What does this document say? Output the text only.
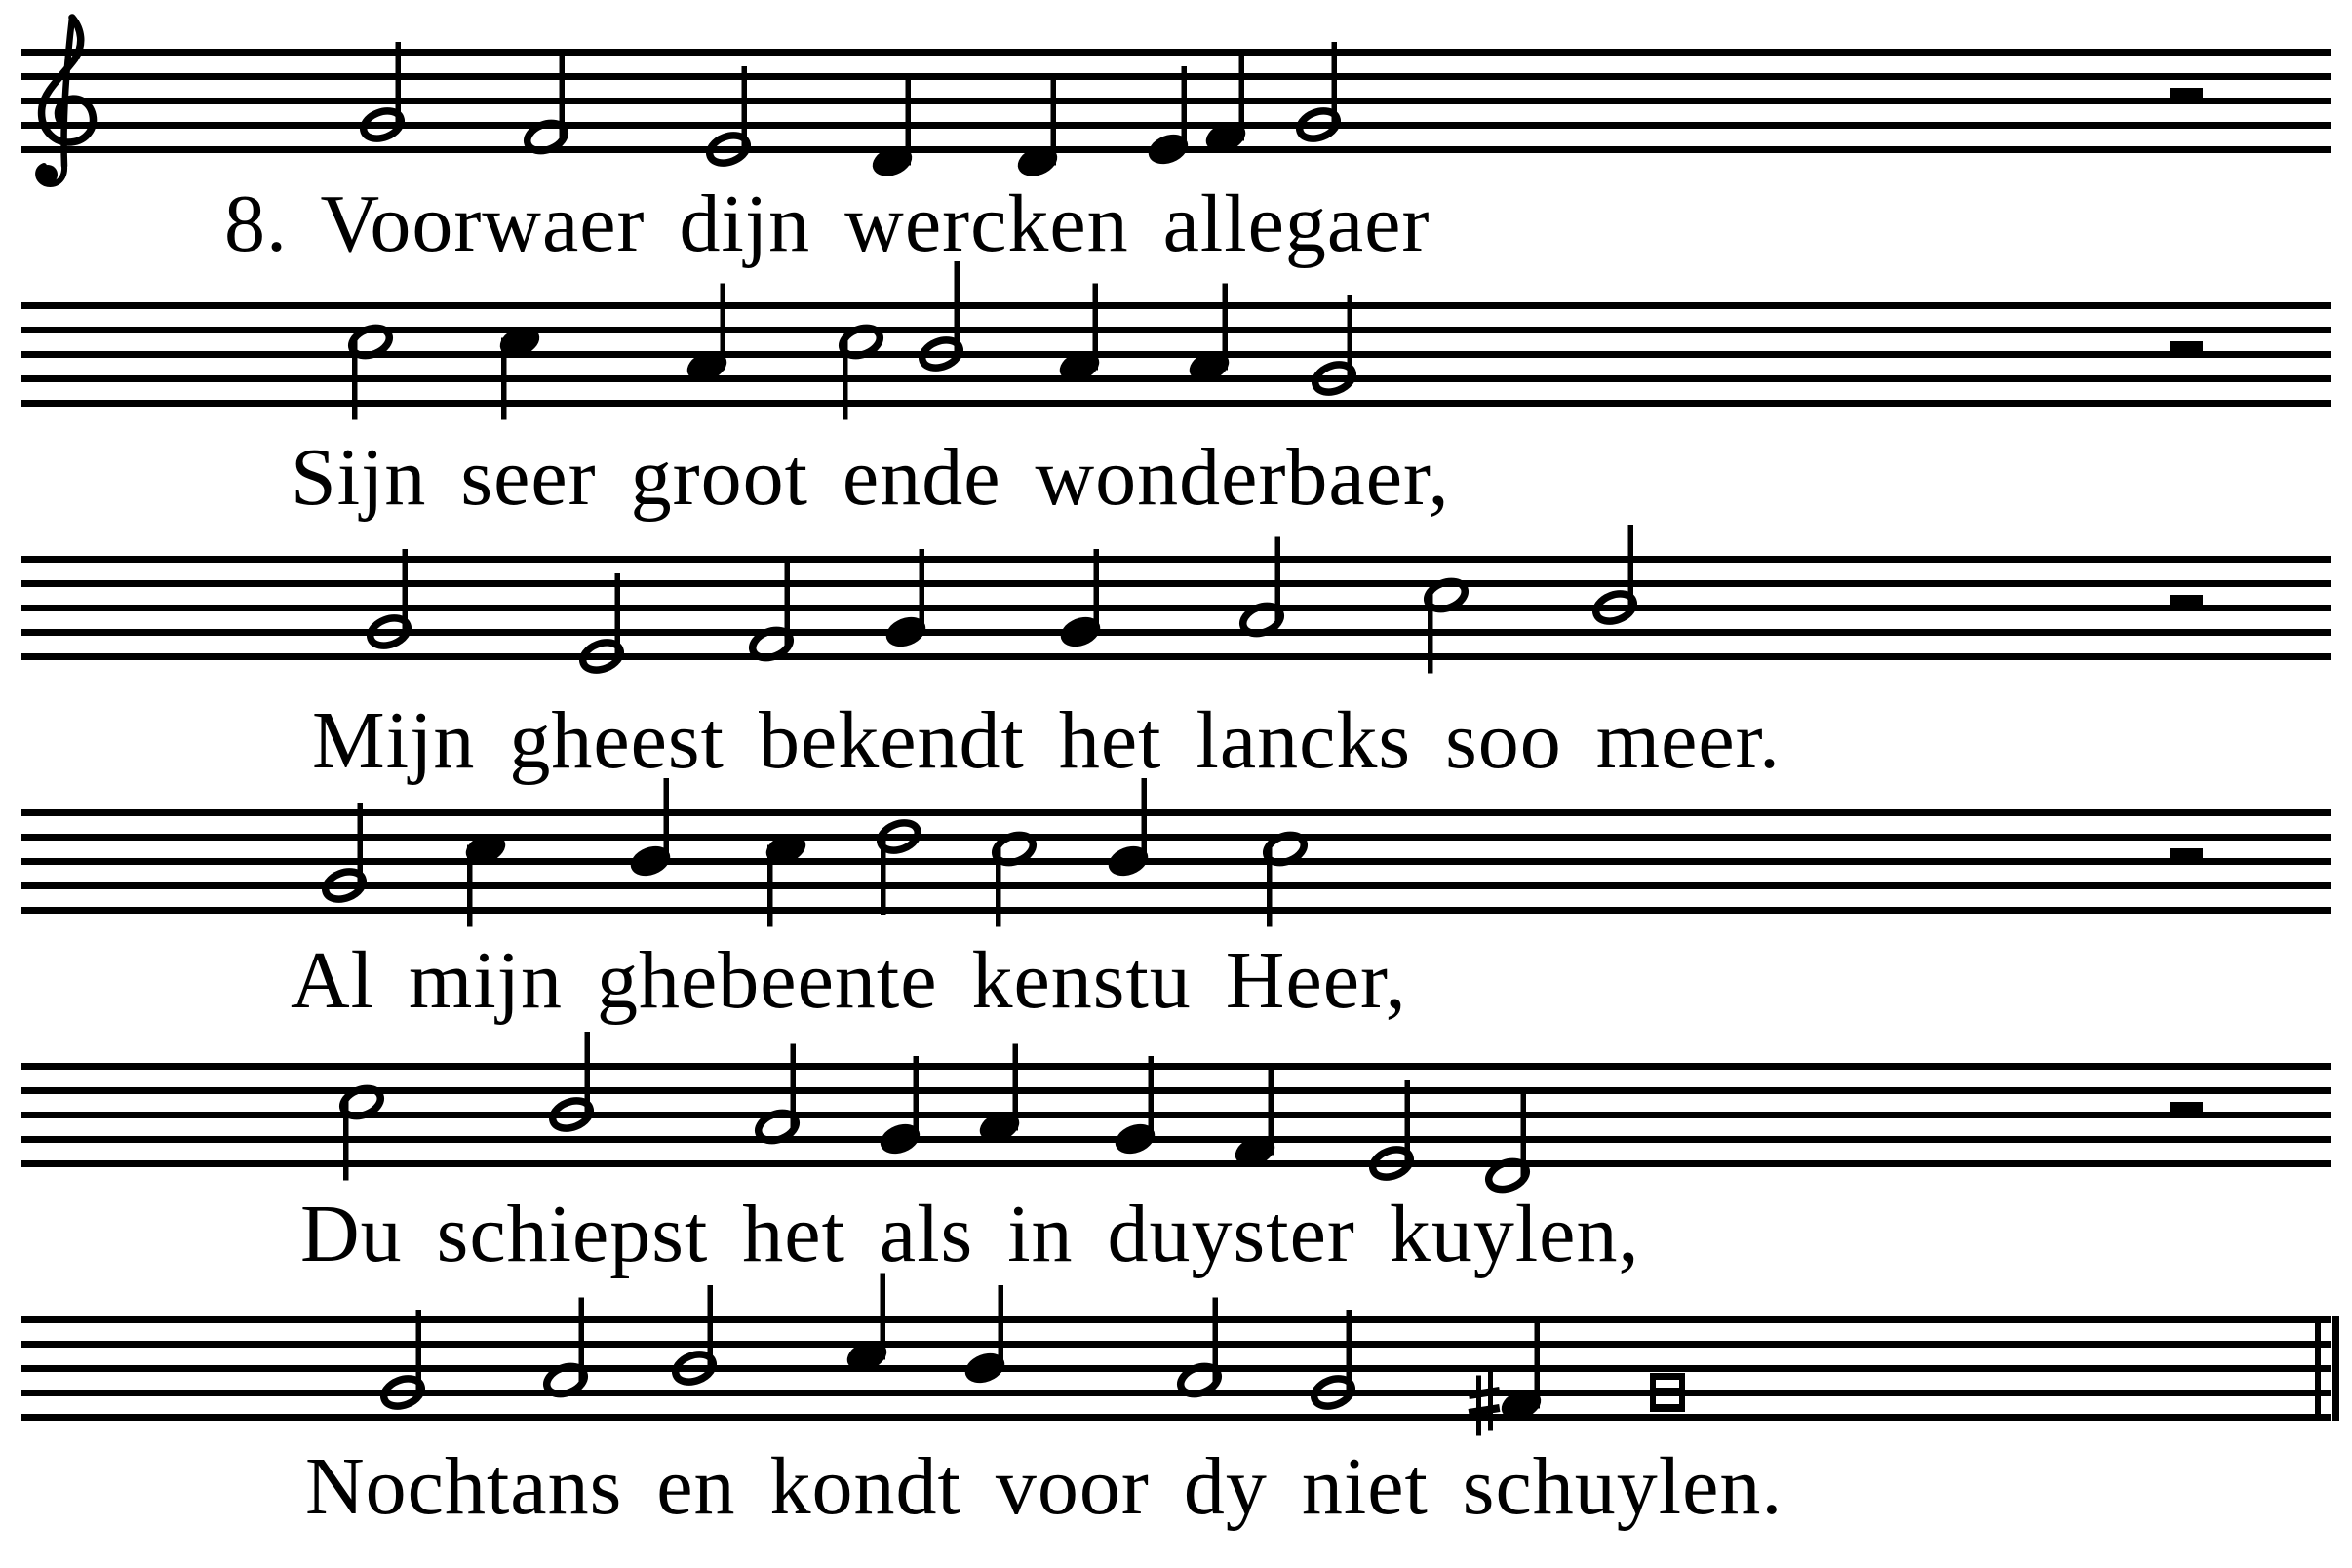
8. Voorwaer dijn wercken allegaer
Sijn seer groot ende wonderbaer,
Mijn gheest bekendt het lancks soo meer.
Al mijn ghebeente kenstu Heer,
Du schiepst het als in duyster kuylen,
Nochtans en kondt voor dy niet schuylen.
